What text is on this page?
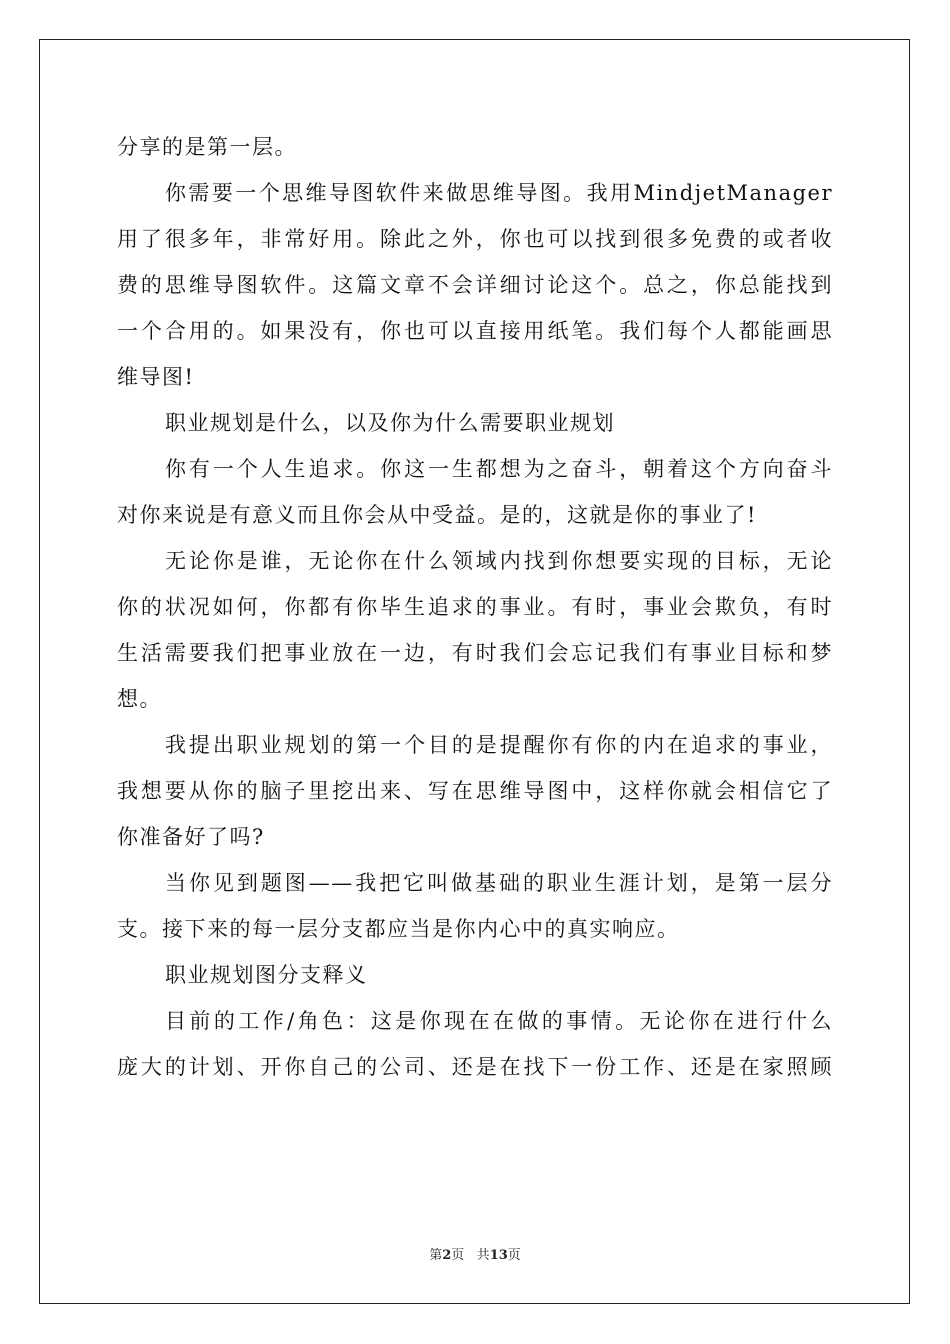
分享的是第一层。
你需要一个思维导图软件来做思维导图。我用MindjetManager
用了很多年，非常好用。除此之外，你也可以找到很多免费的或者收
费的思维导图软件。这篇文章不会详细讨论这个。总之，你总能找到
一个合用的。如果没有，你也可以直接用纸笔。我们每个人都能画思
维导图!
职业规划是什么，以及你为什么需要职业规划
你有一个人生追求。你这一生都想为之奋斗，朝着这个方向奋斗
对你来说是有意义而且你会从中受益。是的，这就是你的事业了!
无论你是谁，无论你在什么领域内找到你想要实现的目标，无论
你的状况如何，你都有你毕生追求的事业。有时，事业会欺负，有时
生活需要我们把事业放在一边，有时我们会忘记我们有事业目标和梦
想。
我提出职业规划的第一个目的是提醒你有你的内在追求的事业，
我想要从你的脑子里挖出来、写在思维导图中，这样你就会相信它了
你准备好了吗?
当你见到题图——我把它叫做基础的职业生涯计划，是第一层分
支。接下来的每一层分支都应当是你内心中的真实响应。
职业规划图分支释义
目前的工作/角色：这是你现在在做的事情。无论你在进行什么
庞大的计划、开你自己的公司、还是在找下一份工作、还是在家照顾
第2页 共13页
